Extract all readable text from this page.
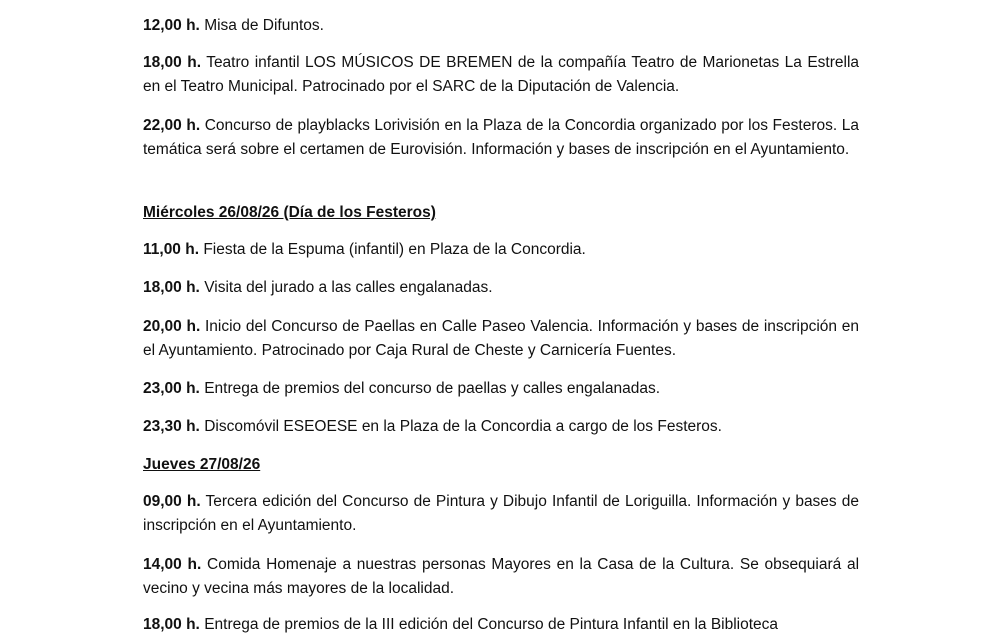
12,00 h. Misa de Difuntos.

18,00 h. Teatro infantil LOS MÚSICOS DE BREMEN de la compañía Teatro de Marionetas La Estrella en el Teatro Municipal. Patrocinado por el SARC de la Diputación de Valencia.

22,00 h. Concurso de playblacks Lorivisión en la Plaza de la Concordia organizado por los Festeros. La temática será sobre el certamen de Eurovisión. Información y bases de inscripción en el Ayuntamiento.

Miércoles 26/08/26 (Día de los Festeros)

11,00 h. Fiesta de la Espuma (infantil) en Plaza de la Concordia.

18,00 h. Visita del jurado a las calles engalanadas.

20,00 h. Inicio del Concurso de Paellas en Calle Paseo Valencia. Información y bases de inscripción en el Ayuntamiento. Patrocinado por Caja Rural de Cheste y Carnicería Fuentes.

23,00 h. Entrega de premios del concurso de paellas y calles engalanadas.

23,30 h. Discomóvil ESEOESE en la Plaza de la Concordia a cargo de los Festeros.

Jueves 27/08/26

09,00 h. Tercera edición del Concurso de Pintura y Dibujo Infantil de Loriguilla. Información y bases de inscripción en el Ayuntamiento.

14,00 h. Comida Homenaje a nuestras personas Mayores en la Casa de la Cultura. Se obsequiará al vecino y vecina más mayores de la localidad.

18,00 h. Entrega de premios de la III edición del Concurso de Pintura Infantil en la Biblioteca
